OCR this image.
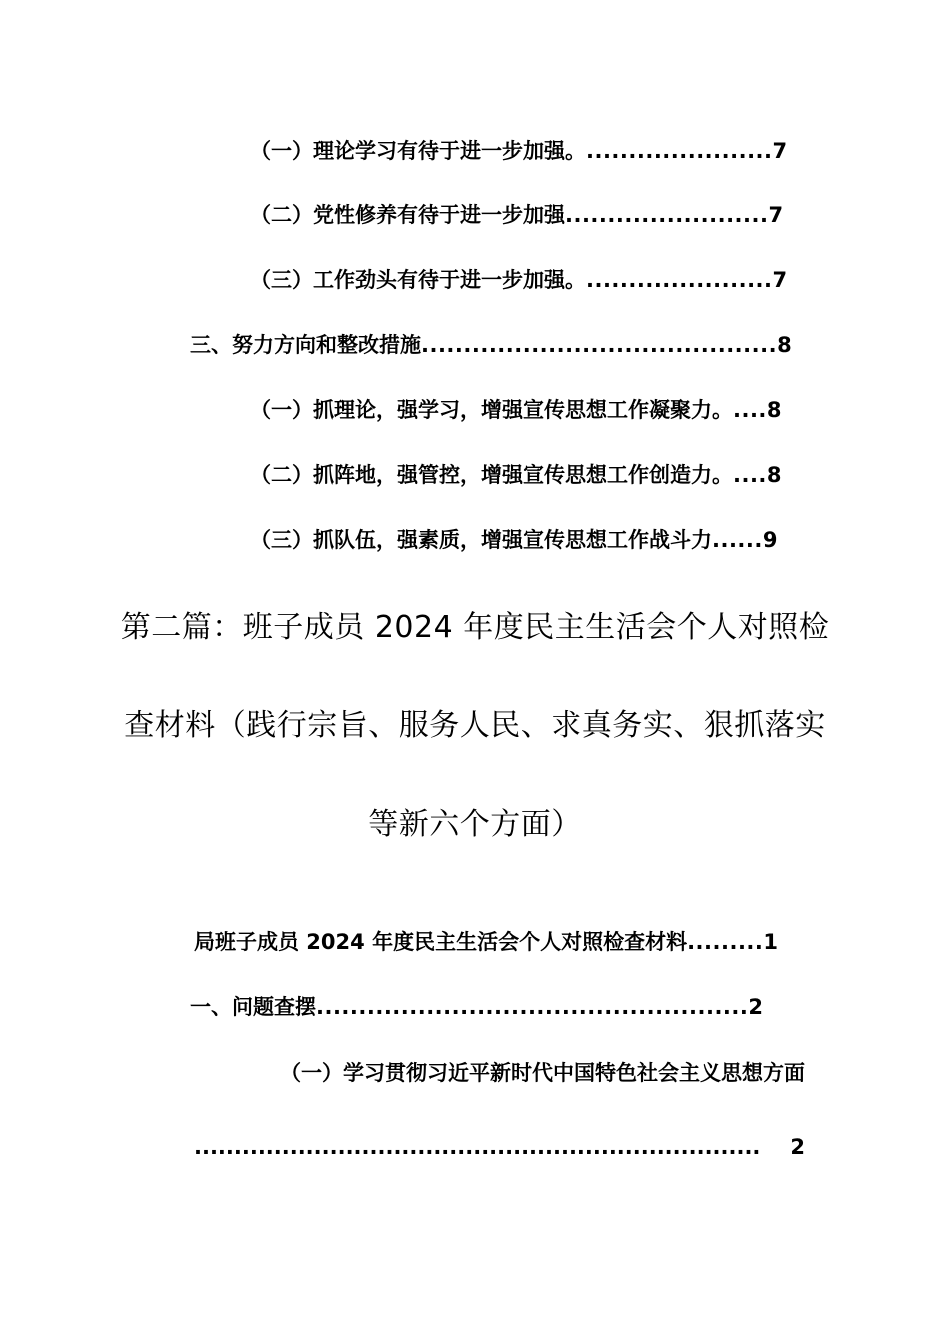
（一）理论学习有待于进一步加强。 ...................... 7
（二）党性修养有待于进一步加强 ........................ 7
（三）工作劲头有待于进一步加强。 ...................... 7
三、努力方向和整改措施 .......................................... 8
（一）抓理论，强学习，增强宣传思想工作凝聚力。 .... 8
（二）抓阵地，强管控，增强宣传思想工作创造力。 .... 8
（三）抓队伍，强素质，增强宣传思想工作战斗力 ...... 9
第二篇：班子成员 2024 年度民主生活会个人对照检
查材料（践行宗旨、服务人民、求真务实、狠抓落实
等新六个方面）
局班子成员 2024 年度民主生活会个人对照检查材料 ......... 1
一、问题查摆 ................................................... 2
（一）学习贯彻习近平新时代中国特色社会主义思想方面
.......................................................................	2
